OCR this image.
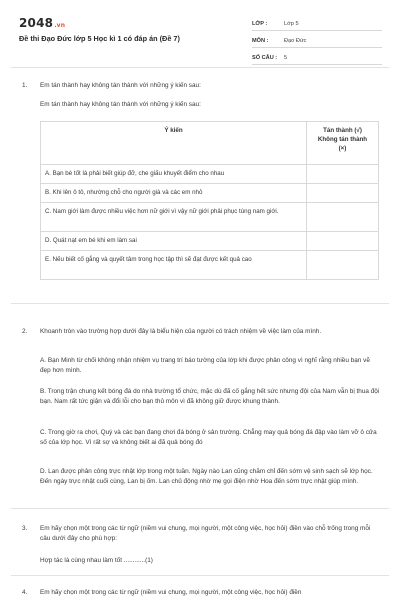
2048.vn
Đề thi Đạo Đức lớp 5 Học kì 1 có đáp án (Đề 7)
LỚP :	Lớp 5
MÔN :	Đạo Đức
SỐ CÂU :	5
1. Em tán thành hay không tán thành với những ý kiến sau:
Em tán thành hay không tán thành với những ý kiến sau:
Ý kiến	Tán thành (√)
Không tán thành
(×)
A. Bạn bè tốt là phải biết giúp đỡ, che giấu khuyết điểm cho nhau	
B. Khi lên ô tô, nhường chỗ cho người già và các em nhỏ	
C. Nam giới làm được nhiều việc hơn nữ giới vì vậy nữ giới phải phục tùng nam giới.	
D. Quát nạt em bé khi em làm sai	
E. Nếu biết cố gắng và quyết tâm trong học tập thì sẽ đạt được kết quả cao	
2. Khoanh tròn vào trường hợp dưới đây là biểu hiện của người có trách nhiệm về việc làm của mình.
A. Bạn Minh từ chối không nhận nhiệm vụ trang trí báo tường của lớp khi được phân công vì nghĩ rằng nhiều bạn vẽ đẹp hơn mình.
B. Trong trận chung kết bóng đá do nhà trường tổ chức, mặc dù đã cố gắng hết sức nhưng đội của Nam vẫn bị thua đội bạn. Nam rất tức giận và đổi lỗi cho bạn thủ môn vì đã không giữ được khung thành.
C. Trong giờ ra chơi, Quý và các bạn đang chơi đá bóng ở sân trường. Chẳng may quả bóng đá đập vào làm vỡ ô cửa số của lớp học. Vì rất sợ và không biết ai đã quả bóng đó
D. Lan được phân công trực nhật lớp trong một tuần. Ngày nào Lan cũng chăm chỉ đến sớm vệ sinh sạch sẽ lớp học. Đến ngày trực nhật cuối cùng, Lan bị ốm. Lan chủ động nhờ mẹ gọi điện nhờ Hoa đến sớm trực nhật giúp mình.
3. Em hãy chọn một trong các từ ngữ (niềm vui chung, mọi người, một công việc, học hỏi) điền vào chỗ trống trong mỗi câu dưới đây cho phù hợp:
Hợp tác là cùng nhau làm tốt ............(1)
4. Em hãy chọn một trong các từ ngữ (niềm vui chung, mọi người, một công việc, học hỏi) điền
